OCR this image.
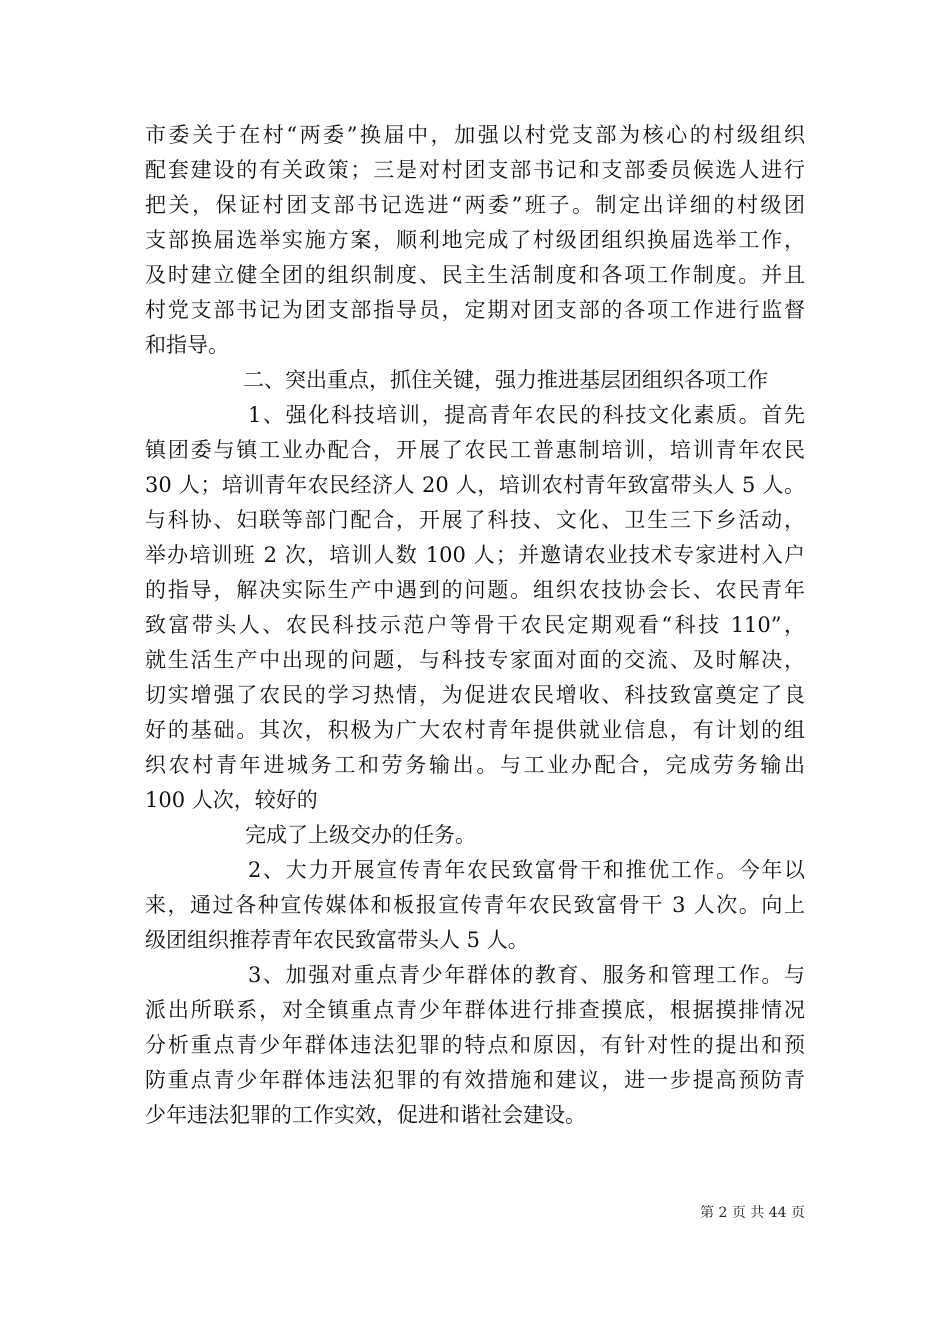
市委关于在村“两委”换届中，加强以村党支部为核心的村级组织
配套建设的有关政策；三是对村团支部书记和支部委员候选人进行
把关，保证村团支部书记选进“两委”班子。制定出详细的村级团
支部换届选举实施方案，顺利地完成了村级团组织换届选举工作，
及时建立健全团的组织制度、民主生活制度和各项工作制度。并且
村党支部书记为团支部指导员，定期对团支部的各项工作进行监督
和指导。
二、突出重点，抓住关键，强力推进基层团组织各项工作
1、强化科技培训，提高青年农民的科技文化素质。首先
镇团委与镇工业办配合，开展了农民工普惠制培训，培训青年农民
30 人；培训青年农民经济人 20 人，培训农村青年致富带头人 5 人。
与科协、妇联等部门配合，开展了科技、文化、卫生三下乡活动，
举办培训班 2 次，培训人数 100 人；并邀请农业技术专家进村入户
的指导，解决实际生产中遇到的问题。组织农技协会长、农民青年
致富带头人、农民科技示范户等骨干农民定期观看“科技 110”，
就生活生产中出现的问题，与科技专家面对面的交流、及时解决，
切实增强了农民的学习热情，为促进农民增收、科技致富奠定了良
好的基础。其次，积极为广大农村青年提供就业信息，有计划的组
织农村青年进城务工和劳务输出。与工业办配合，完成劳务输出
100 人次，较好的
完成了上级交办的任务。
2、大力开展宣传青年农民致富骨干和推优工作。今年以
来，通过各种宣传媒体和板报宣传青年农民致富骨干 3 人次。向上
级团组织推荐青年农民致富带头人 5 人。
3、加强对重点青少年群体的教育、服务和管理工作。与
派出所联系，对全镇重点青少年群体进行排查摸底，根据摸排情况
分析重点青少年群体违法犯罪的特点和原因，有针对性的提出和预
防重点青少年群体违法犯罪的有效措施和建议，进一步提高预防青
少年违法犯罪的工作实效，促进和谐社会建设。
第 2 页 共 44 页
